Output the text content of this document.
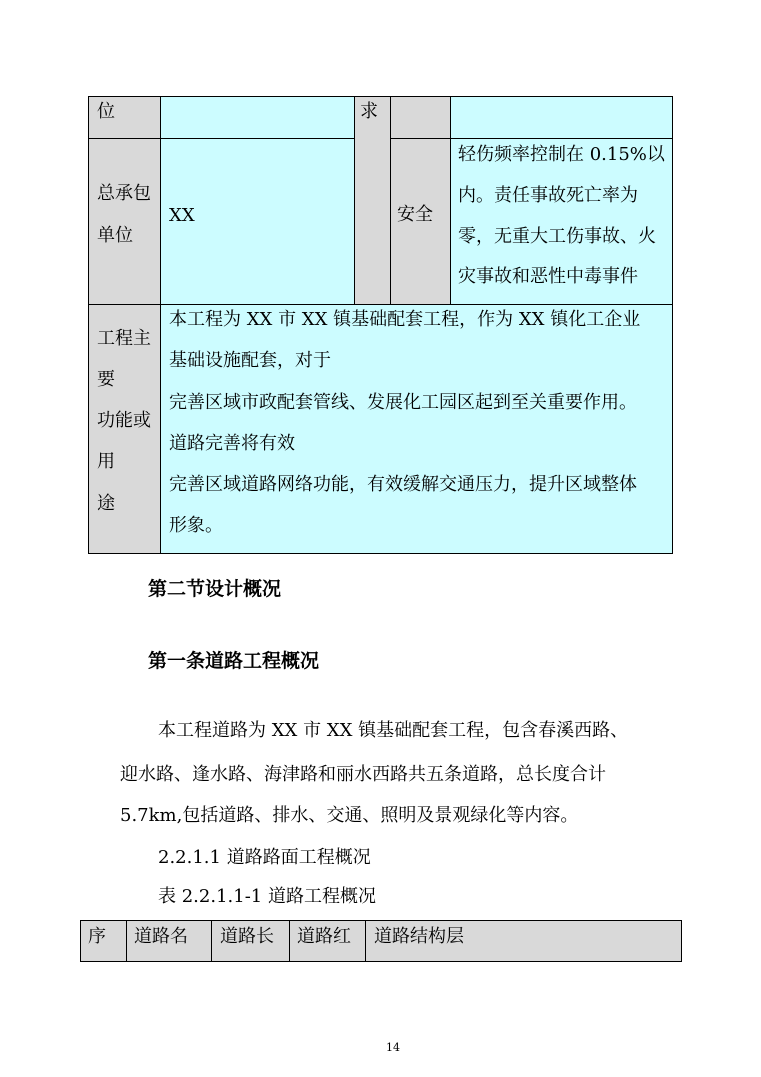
位	求
总承包
单位
XX	安全
轻伤频率控制在 0.15%以
内。责任事故死亡率为
零，无重大工伤事故、火
灾事故和恶性中毒事件
工程主
要
功能或
用
途
本工程为 XX 市 XX 镇基础配套工程，作为 XX 镇化工企业
基础设施配套，对于
完善区域市政配套管线、发展化工园区起到至关重要作用。
道路完善将有效
完善区域道路网络功能，有效缓解交通压力，提升区域整体
形象。
第二节设计概况
第一条道路工程概况
本工程道路为 XX 市 XX 镇基础配套工程，包含春溪西路、
迎水路、逢水路、海津路和丽水西路共五条道路，总长度合计
5.7km,包括道路、排水、交通、照明及景观绿化等内容。
2.2.1.1 道路路面工程概况
表 2.2.1.1-1 道路工程概况
序 道路名 道路长 道路红 道路结构层
14
